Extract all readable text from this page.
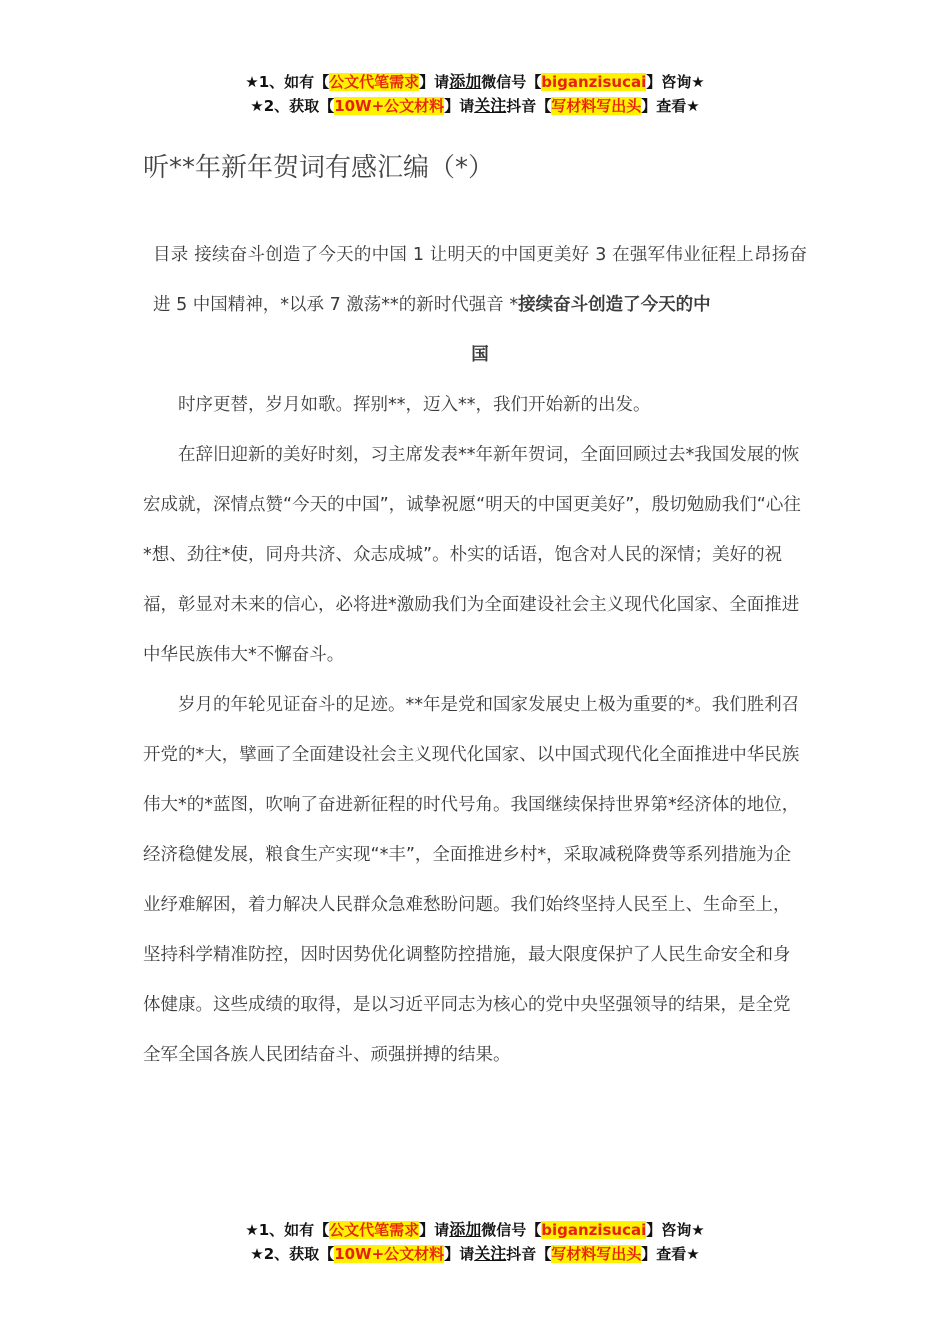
★1、如有【公文代笔需求】请添加微信号【biganzisucai】咨询★
★2、获取【10W+公文材料】请关注抖音【写材料写出头】查看★
听**年新年贺词有感汇编（*）
目录 接续奋斗创造了今天的中国 1 让明天的中国更美好 3 在强军伟业征程上昂扬奋进 5 中国精神，*以承 7 激荡**的新时代强音 *接续奋斗创造了今天的中
国

时序更替，岁月如歌。挥别**，迈入**，我们开始新的出发。

在辞旧迎新的美好时刻，习主席发表**年新年贺词，全面回顾过去*我国发展的恢宏成就，深情点赞“今天的中国”，诚挚祝愿“明天的中国更美好”，殷切勉励我们“心往*想、劲往*使，同舟共济、众志成城”。朴实的话语，饱含对人民的深情；美好的祝福，彰显对未来的信心，必将进*激励我们为全面建设社会主义现代化国家、全面推进中华民族伟大*不懈奋斗。

岁月的年轮见证奋斗的足迹。**年是党和国家发展史上极为重要的*。我们胜利召开党的*大，擘画了全面建设社会主义现代化国家、以中国式现代化全面推进中华民族伟大*的*蓝图，吹响了奋进新征程的时代号角。我国继续保持世界第*经济体的地位，经济稳健发展，粮食生产实现“*丰”，全面推进乡村*，采取减税降费等系列措施为企业纾难解困，着力解决人民群众急难愁盼问题。我们始终坚持人民至上、生命至上，坚持科学精准防控，因时因势优化调整防控措施，最大限度保护了人民生命安全和身体健康。这些成绩的取得，是以习近平同志为核心的党中央坚强领导的结果，是全党全军全国各族人民团结奋斗、顽强拼搏的结果。

★1、如有【公文代笔需求】请添加微信号【biganzisucai】咨询★
★2、获取【10W+公文材料】请关注抖音【写材料写出头】查看★
